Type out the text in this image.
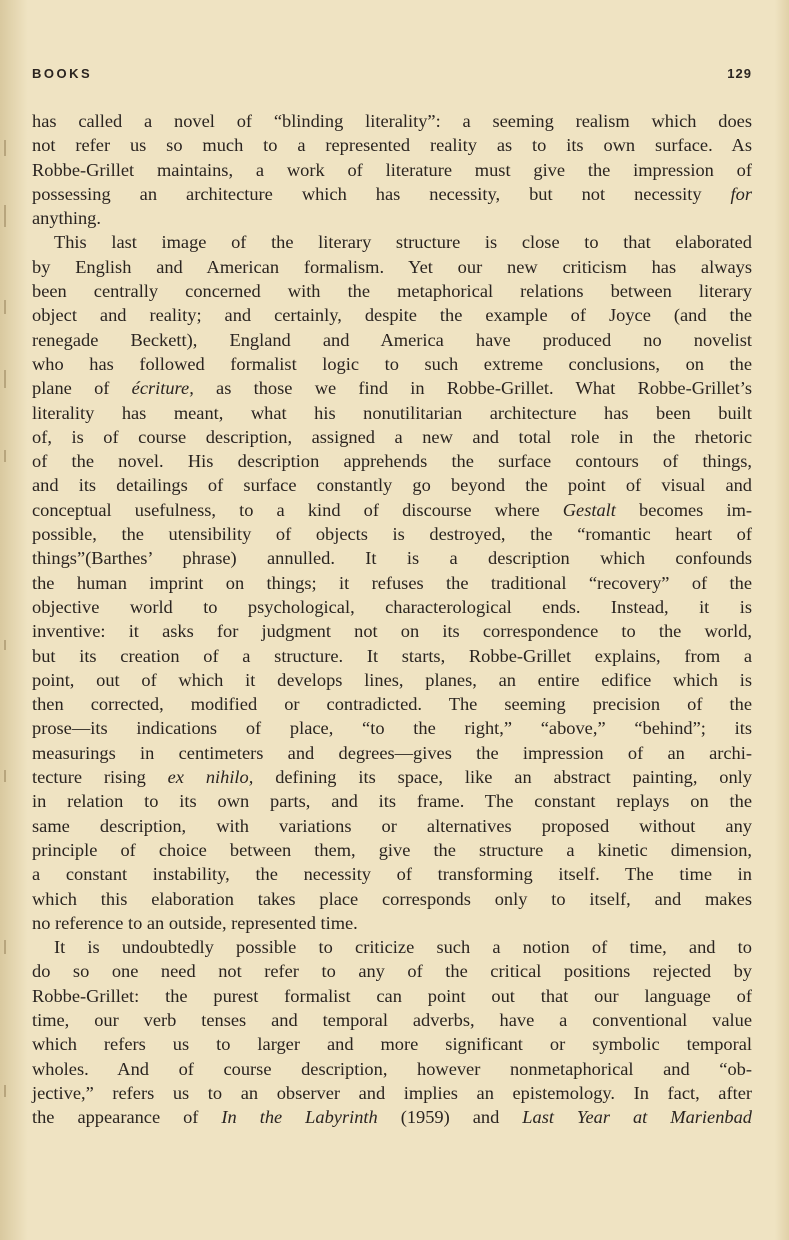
BOOKS	129
has called a novel of “blinding literality”: a seeming realism which does
not refer us so much to a represented reality as to its own surface. As
Robbe-Grillet maintains, a work of literature must give the impression of
possessing an architecture which has necessity, but not necessity for
anything.
This last image of the literary structure is close to that elaborated
by English and American formalism. Yet our new criticism has always
been centrally concerned with the metaphorical relations between literary
object and reality; and certainly, despite the example of Joyce (and the
renegade Beckett), England and America have produced no novelist
who has followed formalist logic to such extreme conclusions, on the
plane of écriture, as those we find in Robbe-Grillet. What Robbe-Grillet’s
literality has meant, what his nonutilitarian architecture has been built
of, is of course description, assigned a new and total role in the rhetoric
of the novel. His description apprehends the surface contours of things,
and its detailings of surface constantly go beyond the point of visual and
conceptual usefulness, to a kind of discourse where Gestalt becomes im-
possible, the utensibility of objects is destroyed, the “romantic heart of
things”(Barthes’ phrase) annulled. It is a description which confounds
the human imprint on things; it refuses the traditional “recovery” of the
objective world to psychological, characterological ends. Instead, it is
inventive: it asks for judgment not on its correspondence to the world,
but its creation of a structure. It starts, Robbe-Grillet explains, from a
point, out of which it develops lines, planes, an entire edifice which is
then corrected, modified or contradicted. The seeming precision of the
prose—its indications of place, “to the right,” “above,” “behind”; its
measurings in centimeters and degrees—gives the impression of an archi-
tecture rising ex nihilo, defining its space, like an abstract painting, only
in relation to its own parts, and its frame. The constant replays on the
same description, with variations or alternatives proposed without any
principle of choice between them, give the structure a kinetic dimension,
a constant instability, the necessity of transforming itself. The time in
which this elaboration takes place corresponds only to itself, and makes
no reference to an outside, represented time.
It is undoubtedly possible to criticize such a notion of time, and to
do so one need not refer to any of the critical positions rejected by
Robbe-Grillet: the purest formalist can point out that our language of
time, our verb tenses and temporal adverbs, have a conventional value
which refers us to larger and more significant or symbolic temporal
wholes. And of course description, however nonmetaphorical and “ob-
jective,” refers us to an observer and implies an epistemology. In fact, after
the appearance of In the Labyrinth (1959) and Last Year at Marienbad
